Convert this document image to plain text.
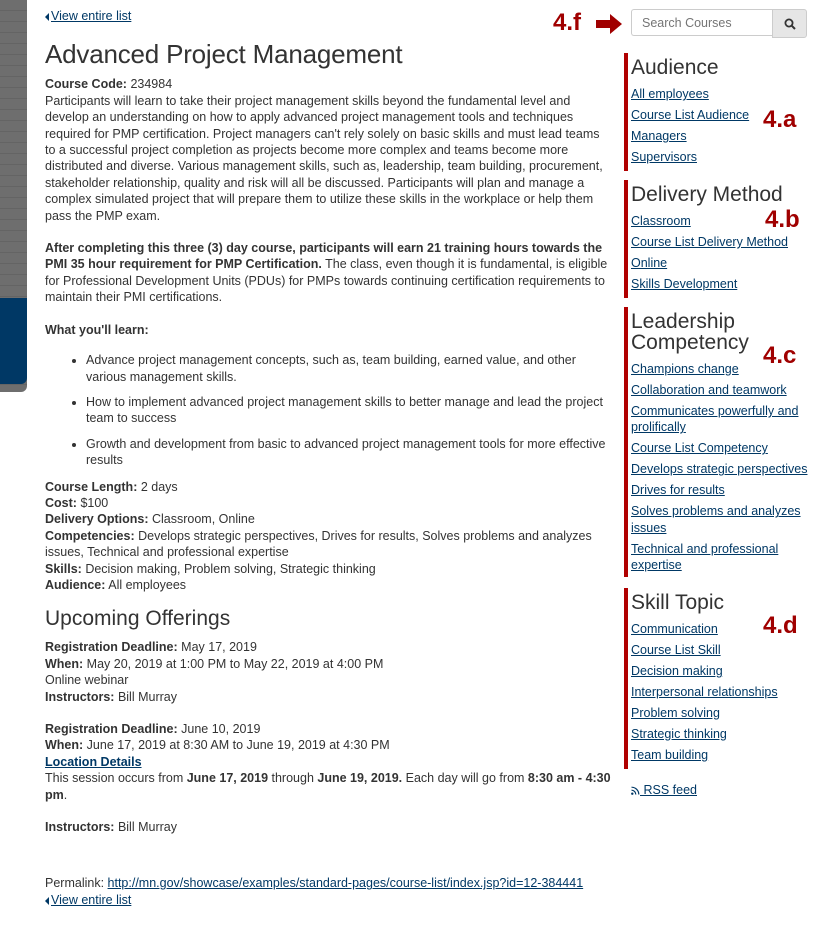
View entire list
Advanced Project Management

Course Code: 234984

Participants will learn to take their project management skills beyond the fundamental level and develop an understanding on how to apply advanced project management tools and techniques required for PMP certification. Project managers can't rely solely on basic skills and must lead teams to a successful project completion as projects become more complex and teams become more distributed and diverse. Various management skills, such as, leadership, team building, procurement, stakeholder relationship, quality and risk will all be discussed. Participants will plan and manage a complex simulated project that will prepare them to utilize these skills in the workplace or help them pass the PMP exam.

After completing this three (3) day course, participants will earn 21 training hours towards the PMI 35 hour requirement for PMP Certification. The class, even though it is fundamental, is eligible for Professional Development Units (PDUs) for PMPs towards continuing certification requirements to maintain their PMI certifications.

What you'll learn:

• Advance project management concepts, such as, team building, earned value, and other various management skills.
• How to implement advanced project management skills to better manage and lead the project team to success
• Growth and development from basic to advanced project management tools for more effective results

Course Length: 2 days

Cost: $100

Delivery Options: Classroom, Online

Competencies: Develops strategic perspectives, Drives for results, Solves problems and analyzes issues, Technical and professional expertise

Skills: Decision making, Problem solving, Strategic thinking

Audience: All employees

Upcoming Offerings

Registration Deadline: May 17, 2019

When: May 20, 2019 at 1:00 PM to May 22, 2019 at 4:00 PM

Online webinar

Instructors: Bill Murray

Registration Deadline: June 10, 2019

When: June 17, 2019 at 8:30 AM to June 19, 2019 at 4:30 PM

Location Details

This session occurs from June 17, 2019 through June 19, 2019. Each day will go from 8:30 am - 4:30 pm.

Instructors: Bill Murray

Permalink: http://mn.gov/showcase/examples/standard-pages/course-list/index.jsp?id=12-384441

View entire list
4.f
Search Courses
Audience
All employees
Course List Audience
Managers
Supervisors
4.a
Delivery Method
Classroom
Course List Delivery Method
Online
Skills Development
4.b
Leadership
Competency
Champions change
Collaboration and teamwork
Communicates powerfully and prolifically
Course List Competency
Develops strategic perspectives
Drives for results
Solves problems and analyzes issues
Technical and professional expertise
4.c
Skill Topic
Communication
Course List Skill
Decision making
Interpersonal relationships
Problem solving
Strategic thinking
Team building
4.d
RSS feed
